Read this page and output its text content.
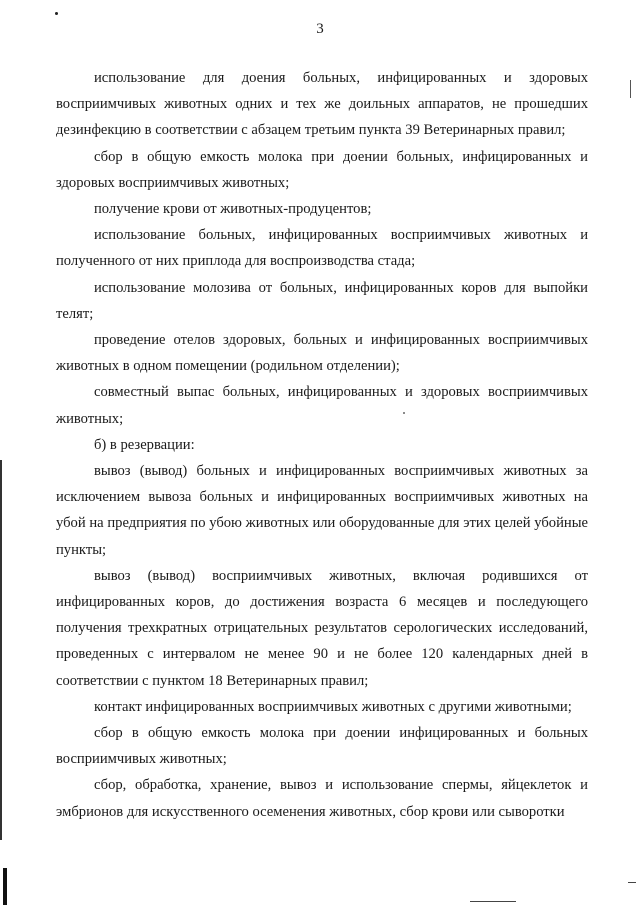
3

использование для доения больных, инфицированных и здоровых восприимчивых животных одних и тех же доильных аппаратов, не прошедших дезинфекцию в соответствии с абзацем третьим пункта 39 Ветеринарных правил;

сбор в общую емкость молока при доении больных, инфицированных и здоровых восприимчивых животных;

получение крови от животных-продуцентов;

использование больных, инфицированных восприимчивых животных и полученного от них приплода для воспроизводства стада;

использование молозива от больных, инфицированных коров для выпойки телят;

проведение отелов здоровых, больных и инфицированных восприимчивых животных в одном помещении (родильном отделении);

совместный выпас больных, инфицированных и здоровых восприимчивых животных;

б) в резервации:

вывоз (вывод) больных и инфицированных восприимчивых животных за исключением вывоза больных и инфицированных восприимчивых животных на убой на предприятия по убою животных или оборудованные для этих целей убойные пункты;

вывоз (вывод) восприимчивых животных, включая родившихся от инфицированных коров, до достижения возраста 6 месяцев и последующего получения трехкратных отрицательных результатов серологических исследований, проведенных с интервалом не менее 90 и не более 120 календарных дней в соответствии с пунктом 18 Ветеринарных правил;

контакт инфицированных восприимчивых животных с другими животными;

сбор в общую емкость молока при доении инфицированных и больных восприимчивых животных;

сбор, обработка, хранение, вывоз и использование спермы, яйцеклеток и эмбрионов для искусственного осеменения животных, сбор крови или сыворотки
